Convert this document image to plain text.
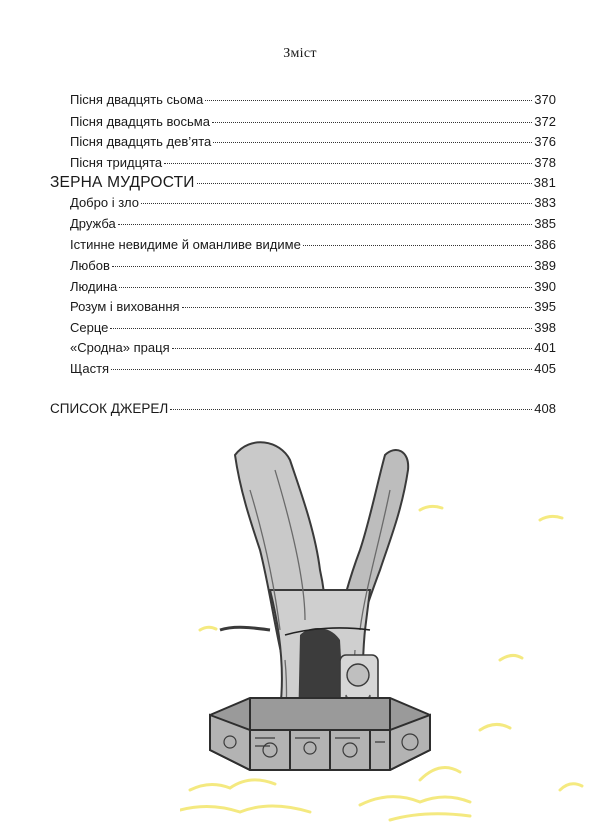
Зміст
Пісня двадцять сьома	370
Пісня двадцять восьма	372
Пісня двадцять дев’ята	376
Пісня тридцята	378
ЗЕРНА МУДРОСТИ	381
Добро і зло	383
Дружба	385
Істинне невидиме й оманливе видиме	386
Любов	389
Людина	390
Розум і виховання	395
Серце	398
«Сродна» праця	401
Щастя	405
СПИСОК ДЖЕРЕЛ	408
